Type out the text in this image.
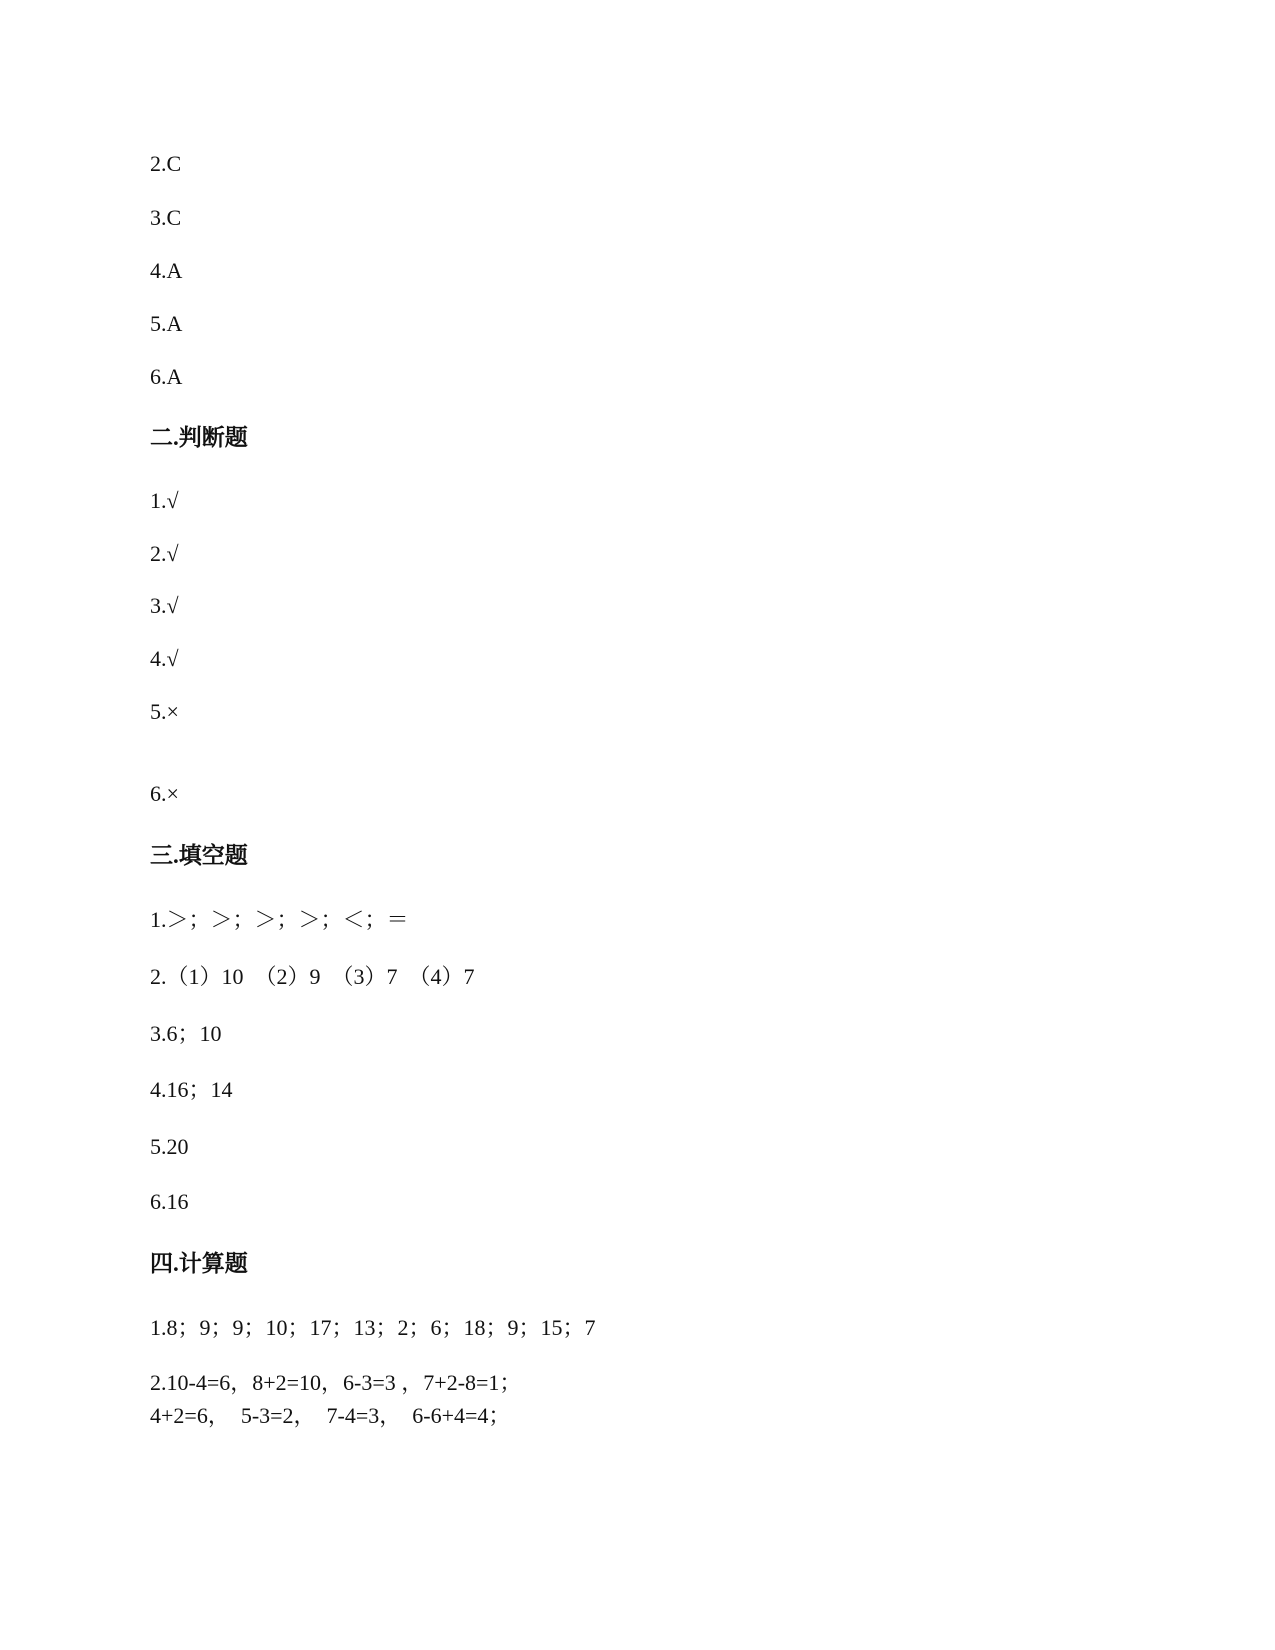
2.C
3.C
4.A
5.A
6.A
二.判断题
1.√
2.√
3.√
4.√
5.×
6.×
三.填空题
1.＞；＞；＞；＞；＜；＝
2.（1）10　（2）9　（3）7　（4）7
3.6；10
4.16；14
5.20
6.16
四.计算题
1.8；9；9；10；17；13；2；6；18；9；15；7
2.10-4=6，8+2=10，6-3=3 ，7+2-8=1；
4+2=6，　5-3=2，　7-4=3，　6-6+4=4；
